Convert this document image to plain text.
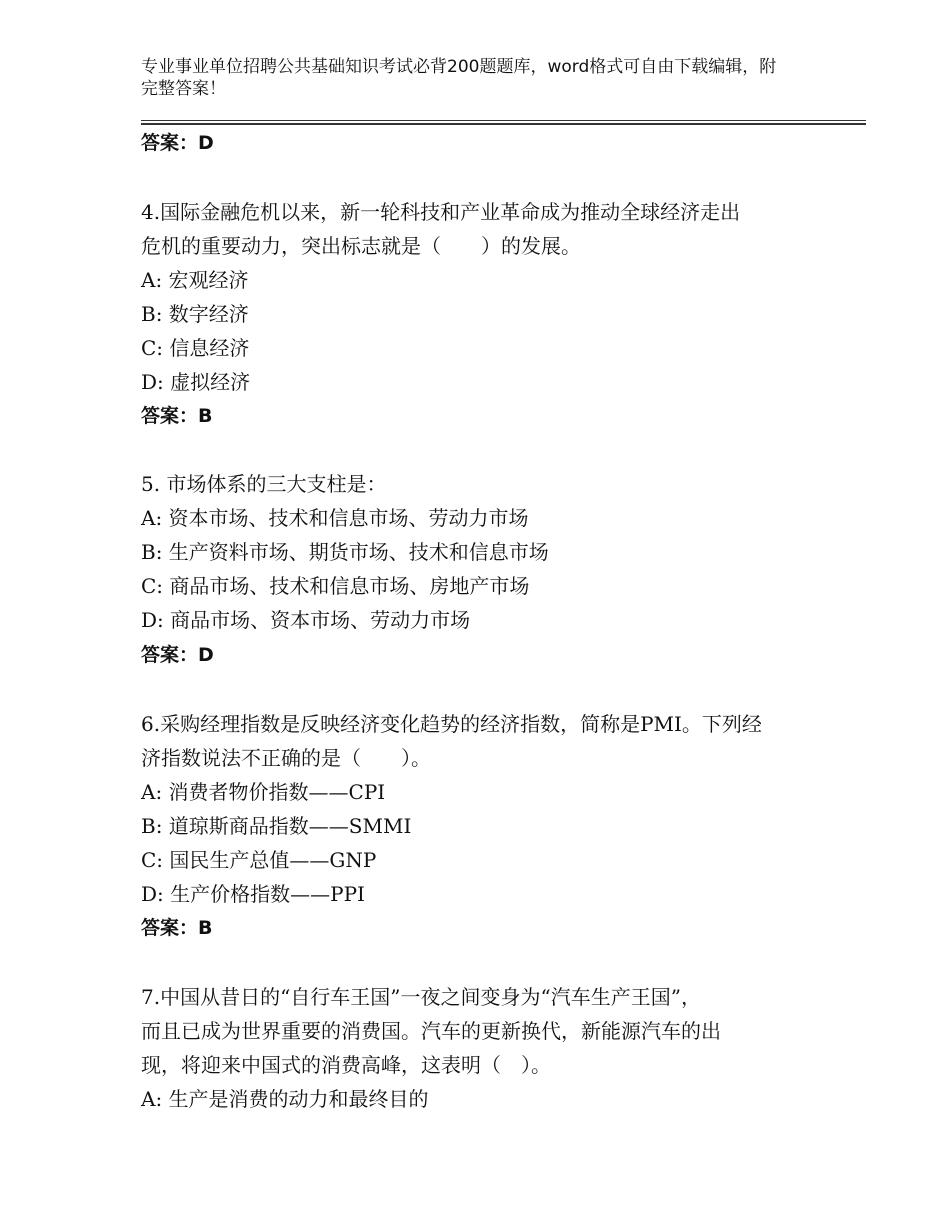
专业事业单位招聘公共基础知识考试必背200题题库，word格式可自由下载编辑，附完整答案！
答案：D
4.国际金融危机以来，新一轮科技和产业革命成为推动全球经济走出
危机的重要动力，突出标志就是（　　）的发展。
A: 宏观经济
B: 数字经济
C: 信息经济
D: 虚拟经济
答案：B
5. 市场体系的三大支柱是：
A: 资本市场、技术和信息市场、劳动力市场
B: 生产资料市场、期货市场、技术和信息市场
C: 商品市场、技术和信息市场、房地产市场
D: 商品市场、资本市场、劳动力市场
答案：D
6.采购经理指数是反映经济变化趋势的经济指数，简称是PMI。下列经
济指数说法不正确的是（　　）。
A: 消费者物价指数——CPI
B: 道琼斯商品指数——SMMI
C: 国民生产总值——GNP
D: 生产价格指数——PPI
答案：B
7.中国从昔日的“自行车王国”一夜之间变身为“汽车生产王国”，
而且已成为世界重要的消费国。汽车的更新换代，新能源汽车的出
现，将迎来中国式的消费高峰，这表明（　）。
A: 生产是消费的动力和最终目的
